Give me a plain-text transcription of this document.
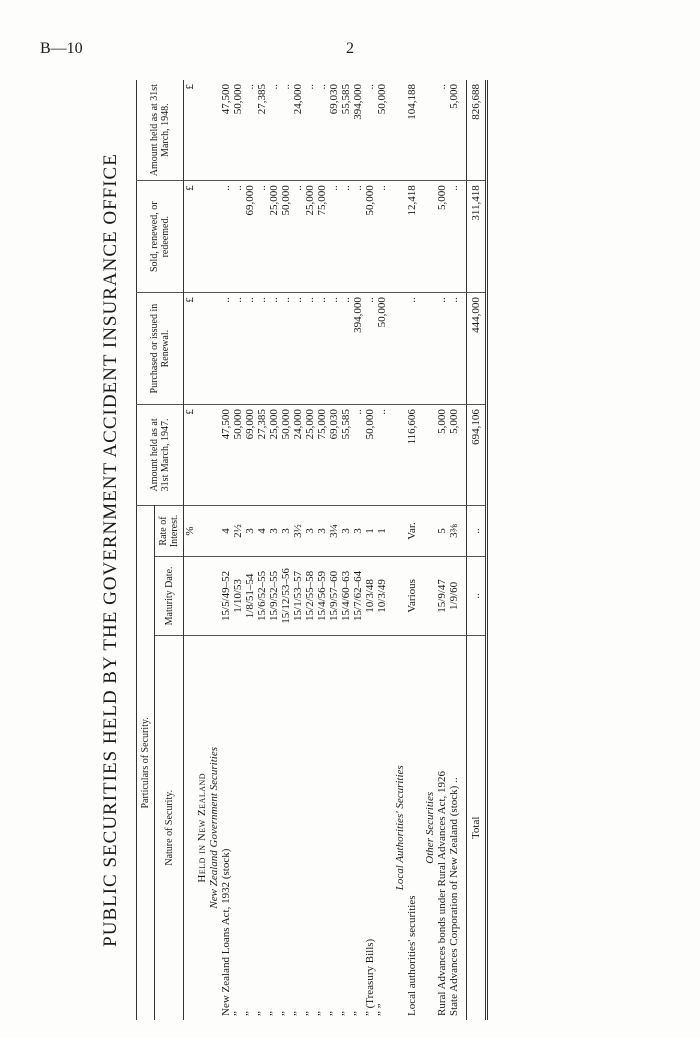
B—10	2
PUBLIC SECURITIES HELD BY THE GOVERNMENT ACCIDENT INSURANCE OFFICE	Particulars of Security.			Amount held as at 31st March, 1947.	Purchased or issued in Renewal.	Sold, renewed, or redeemed.	Amount held as at 31st March, 1948.
Nature of Security.	Maturity Date.	Rate of Interest.				
		%	£	£	£	£
Held in New Zealand						
New Zealand Government Securities						
New Zealand Loans Act, 1932 (stock)	15/5/49–52	4	47,500	..	..	47,500
”	1/10/53	2½	50,000	..	..	50,000
”	1/8/51–54	3	69,000	..	69,000	..
”	15/6/52–55	4	27,385	..	..	27,385
”	15/9/52–55	3	25,000	..	25,000	..
”	15/12/53–56	3	50,000	..	50,000	..
”	15/1/53–57	3½	24,000	..	..	24,000
”	15/2/55–58	3	25,000	..	25,000	..
”	15/4/56–59	3	75,000	..	75,000	..
”	15/9/57–60	3¼	69,030	..	..	69,030
”	15/4/60–63	3	55,585	..	..	55,585
”	15/7/62–64	3	..	394,000	..	394,000
” (Treasury Bills)	10/3/48	1	50,000	..	50,000	..
” ”	10/3/49	1	..	50,000	..	50,000

Local Authorities' Securities						
Local authorities' securities	Various	Var.	116,606	..	12,418	104,188

Other Securities						
Rural Advances bonds under Rural Advances Act, 1926	15/9/47	5	5,000	..	5,000	..
State Advances Corporation of New Zealand (stock) ..	1/9/60	3⅜	5,000	..	..	5,000

Total	..	..	694,106	444,000	311,418	826,688
